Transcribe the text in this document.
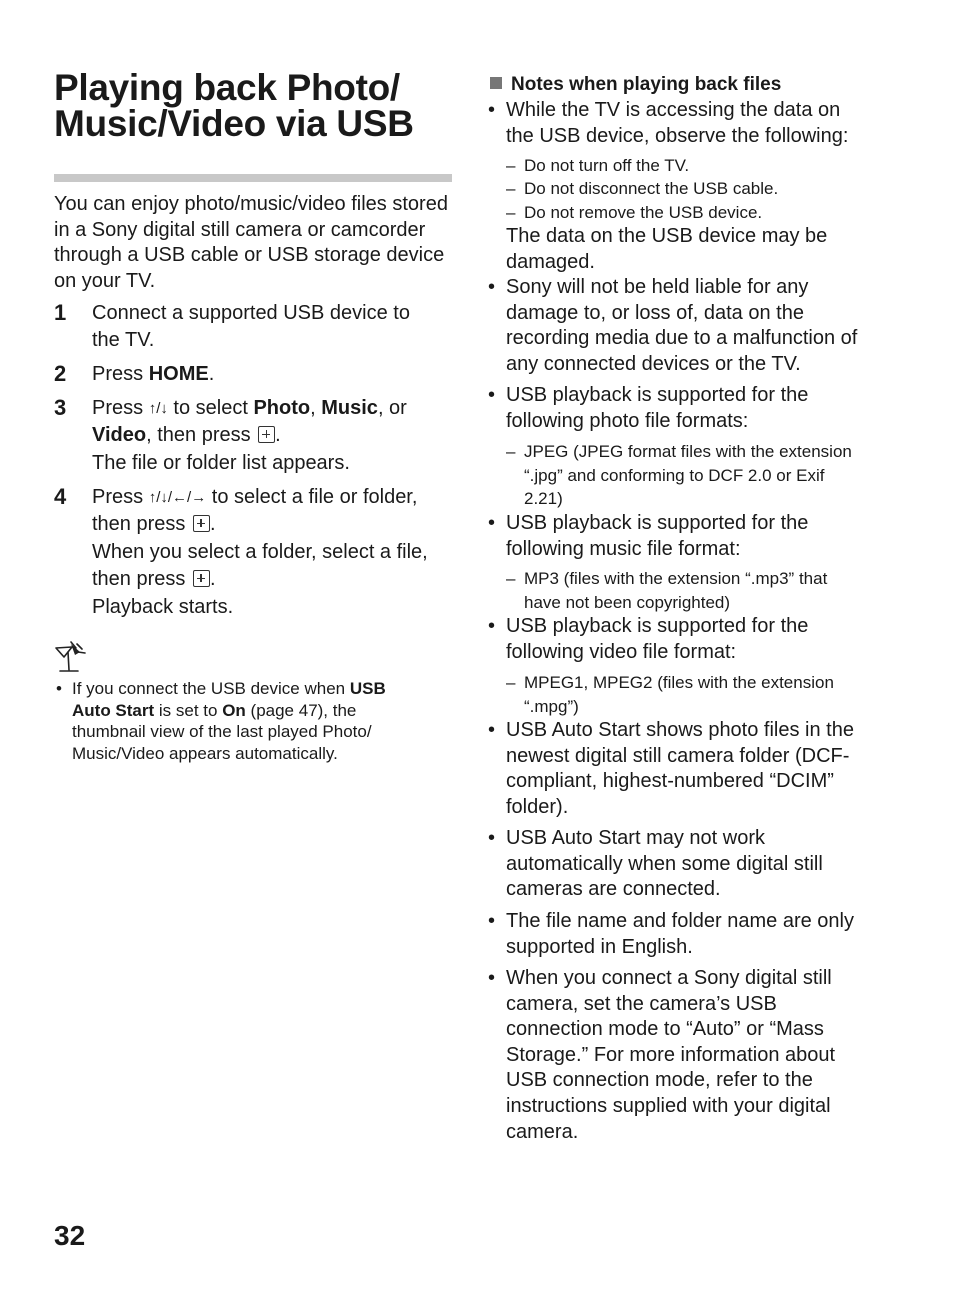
Playing back Photo/
Music/Video via USB

You can enjoy photo/music/video files stored in a Sony digital still camera or camcorder through a USB cable or USB storage device on your TV.

1 Connect a supported USB device to
the TV.
2 Press HOME.
3 Press ↑/↓ to select Photo, Music, or
Video, then press .
The file or folder list appears.
4 Press ↑/↓/←/→ to select a file or folder,
then press .
When you select a folder, select a file,
then press .
Playback starts.
• If you connect the USB device when USB
Auto Start is set to On (page 47), the
thumbnail view of the last played Photo/
Music/Video appears automatically.
Notes when playing back files
• While the TV is accessing the data on
the USB device, observe the following:
– Do not turn off the TV.
– Do not disconnect the USB cable.
– Do not remove the USB device.
The data on the USB device may be
damaged.
• Sony will not be held liable for any
damage to, or loss of, data on the
recording media due to a malfunction of
any connected devices or the TV.
• USB playback is supported for the
following photo file formats:
– JPEG (JPEG format files with the extension
“.jpg” and conforming to DCF 2.0 or Exif
2.21)
• USB playback is supported for the
following music file format:
– MP3 (files with the extension “.mp3” that
have not been copyrighted)
• USB playback is supported for the
following video file format:
– MPEG1, MPEG2 (files with the extension
“.mpg”)
• USB Auto Start shows photo files in the
newest digital still camera folder (DCF-
compliant, highest-numbered “DCIM”
folder).
• USB Auto Start may not work
automatically when some digital still
cameras are connected.
• The file name and folder name are only
supported in English.
• When you connect a Sony digital still
camera, set the camera’s USB
connection mode to “Auto” or “Mass
Storage.” For more information about
USB connection mode, refer to the
instructions supplied with your digital
camera.
32
